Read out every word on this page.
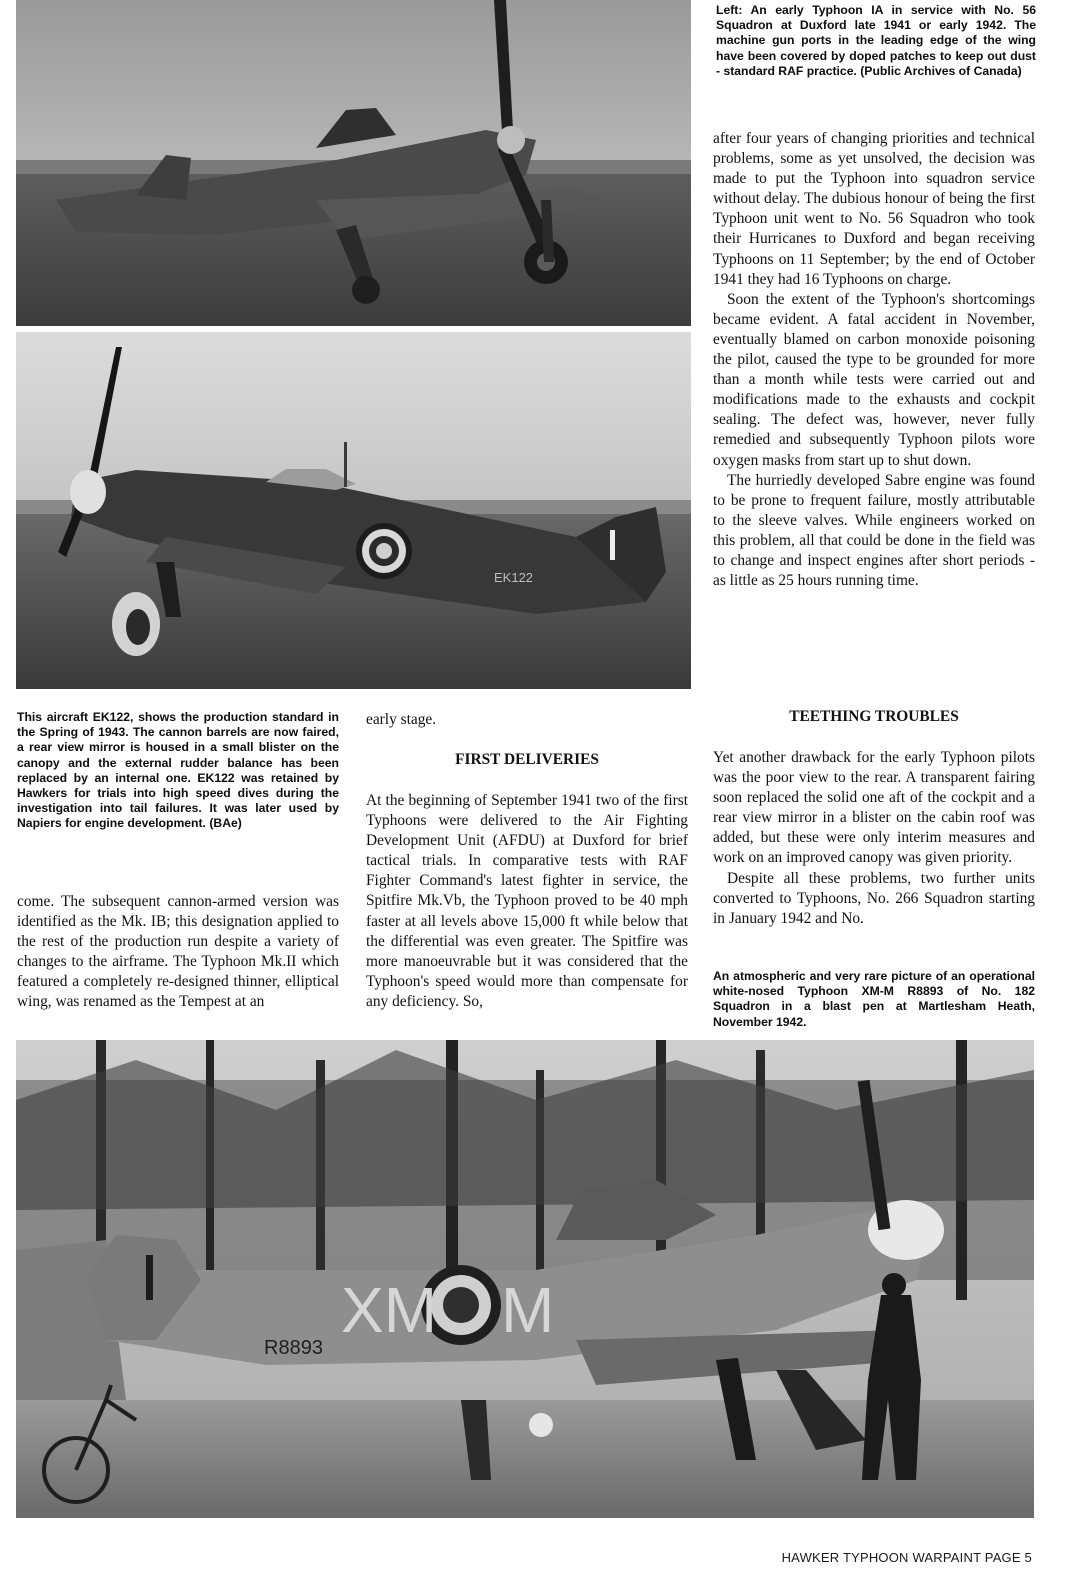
EK122

Left: An early Typhoon IA in service with No. 56 Squadron at Duxford late 1941 or early 1942. The machine gun ports in the leading edge of the wing have been covered by doped patches to keep out dust - standard RAF practice. (Public Archives of Canada)

after four years of changing priorities and technical problems, some as yet unsolved, the decision was made to put the Typhoon into squadron service without delay. The dubious honour of being the first Typhoon unit went to No. 56 Squadron who took their Hurricanes to Duxford and began receiving Typhoons on 11 September; by the end of October 1941 they had 16 Typhoons on charge.

Soon the extent of the Typhoon's shortcomings became evident. A fatal accident in November, eventually blamed on carbon monoxide poisoning the pilot, caused the type to be grounded for more than a month while tests were carried out and modifications made to the exhausts and cockpit sealing. The defect was, however, never fully remedied and subsequently Typhoon pilots wore oxygen masks from start up to shut down.

The hurriedly developed Sabre engine was found to be prone to frequent failure, mostly attributable to the sleeve valves. While engineers worked on this problem, all that could be done in the field was to change and inspect engines after short periods - as little as 25 hours running time.

This aircraft EK122, shows the production standard in the Spring of 1943. The cannon barrels are now faired, a rear view mirror is housed in a small blister on the canopy and the external rudder balance has been replaced by an internal one. EK122 was retained by Hawkers for trials into high speed dives during the investigation into tail failures. It was later used by Napiers for engine development. (BAe)

come. The subsequent cannon-armed version was identified as the Mk. IB; this designation applied to the rest of the production run despite a variety of changes to the airframe. The Typhoon Mk.II which featured a completely re-designed thinner, elliptical wing, was renamed as the Tempest at an

early stage.

FIRST DELIVERIES

At the beginning of September 1941 two of the first Typhoons were delivered to the Air Fighting Development Unit (AFDU) at Duxford for brief tactical trials. In comparative tests with RAF Fighter Command's latest fighter in service, the Spitfire Mk.Vb, the Typhoon proved to be 40 mph faster at all levels above 15,000 ft while below that the differential was even greater. The Spitfire was more manoeuvrable but it was considered that the Typhoon's speed would more than compensate for any deficiency. So,

TEETHING TROUBLES

Yet another drawback for the early Typhoon pilots was the poor view to the rear. A transparent fairing soon replaced the solid one aft of the cockpit and a rear view mirror in a blister on the cabin roof was added, but these were only interim measures and work on an improved canopy was given priority.

Despite all these problems, two further units converted to Typhoons, No. 266 Squadron starting in January 1942 and No.

An atmospheric and very rare picture of an operational white-nosed Typhoon XM-M R8893 of No. 182 Squadron in a blast pen at Martlesham Heath, November 1942.

XM M
R8893
HAWKER TYPHOON WARPAINT PAGE 5
